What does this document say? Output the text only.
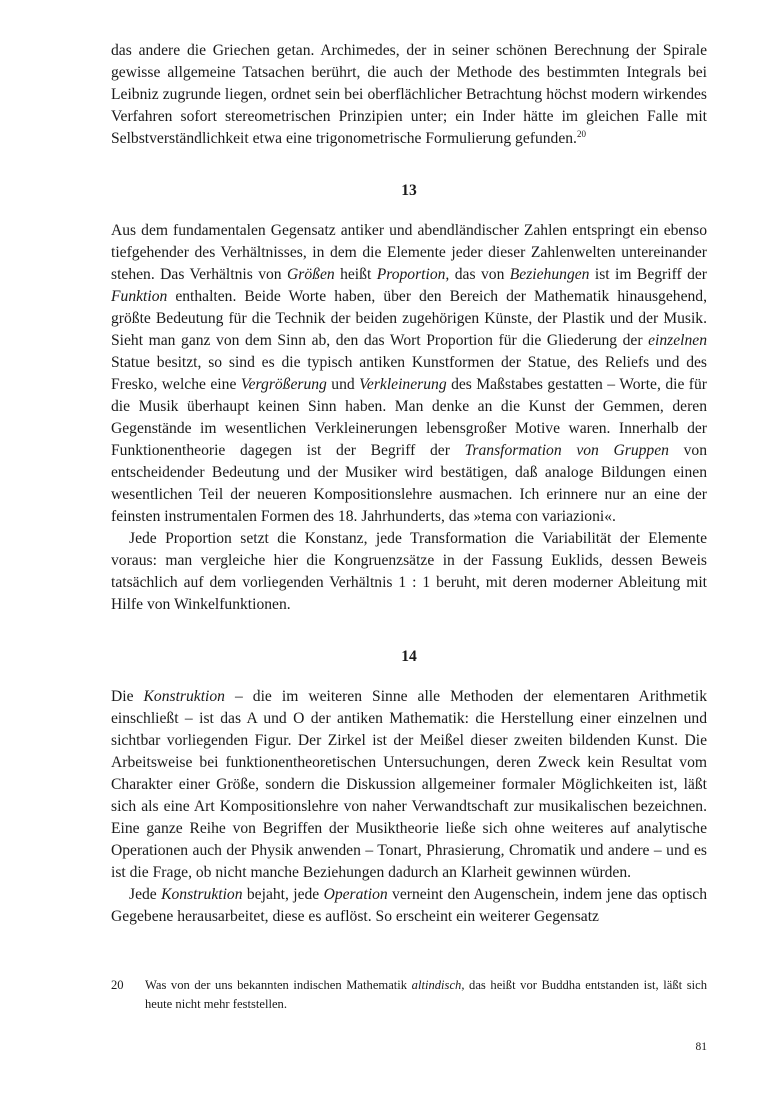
das andere die Griechen getan. Archimedes, der in seiner schönen Berechnung der Spirale gewisse allgemeine Tatsachen berührt, die auch der Methode des bestimmten Integrals bei Leibniz zugrunde liegen, ordnet sein bei oberflächlicher Betrachtung höchst modern wirkendes Verfahren sofort stereometrischen Prinzipien unter; ein Inder hätte im gleichen Falle mit Selbstverständlichkeit etwa eine trigonometrische Formulierung gefunden.$^{20}$

13

Aus dem fundamentalen Gegensatz antiker und abendländischer Zahlen entspringt ein ebenso tiefgehender des Verhältnisses, in dem die Elemente jeder dieser Zahlenwelten untereinander stehen. Das Verhältnis von Größen heißt Proportion, das von Beziehungen ist im Begriff der Funktion enthalten. Beide Worte haben, über den Bereich der Mathematik hinausgehend, größte Bedeutung für die Technik der beiden zugehörigen Künste, der Plastik und der Musik. Sieht man ganz von dem Sinn ab, den das Wort Proportion für die Gliederung der einzelnen Statue besitzt, so sind es die typisch antiken Kunstformen der Statue, des Reliefs und des Fresko, welche eine Vergrößerung und Verkleinerung des Maßstabes gestatten – Worte, die für die Musik überhaupt keinen Sinn haben. Man denke an die Kunst der Gemmen, deren Gegenstände im wesentlichen Verkleinerungen lebensgroßer Motive waren. Innerhalb der Funktionentheorie dagegen ist der Begriff der Transformation von Gruppen von entscheidender Bedeutung und der Musiker wird bestätigen, daß analoge Bildungen einen wesentlichen Teil der neueren Kompositionslehre ausmachen. Ich erinnere nur an eine der feinsten instrumentalen Formen des 18. Jahrhunderts, das »tema con variazioni«.

Jede Proportion setzt die Konstanz, jede Transformation die Variabilität der Elemente voraus: man vergleiche hier die Kongruenzsätze in der Fassung Euklids, dessen Beweis tatsächlich auf dem vorliegenden Verhältnis 1 : 1 beruht, mit deren moderner Ableitung mit Hilfe von Winkelfunktionen.

14

Die Konstruktion – die im weiteren Sinne alle Methoden der elementaren Arithmetik einschließt – ist das A und O der antiken Mathematik: die Herstellung einer einzelnen und sichtbar vorliegenden Figur. Der Zirkel ist der Meißel dieser zweiten bildenden Kunst. Die Arbeitsweise bei funktionentheoretischen Untersuchungen, deren Zweck kein Resultat vom Charakter einer Größe, sondern die Diskussion allgemeiner formaler Möglichkeiten ist, läßt sich als eine Art Kompositionslehre von naher Verwandtschaft zur musikalischen bezeichnen. Eine ganze Reihe von Begriffen der Musiktheorie ließe sich ohne weiteres auf analytische Operationen auch der Physik anwenden – Tonart, Phrasierung, Chromatik und andere – und es ist die Frage, ob nicht manche Beziehungen dadurch an Klarheit gewinnen würden.

Jede Konstruktion bejaht, jede Operation verneint den Augenschein, indem jene das optisch Gegebene herausarbeitet, diese es auflöst. So erscheint ein weiterer Gegensatz

20	Was von der uns bekannten indischen Mathematik altindisch, das heißt vor Buddha entstanden ist, läßt sich heute nicht mehr feststellen.
81
